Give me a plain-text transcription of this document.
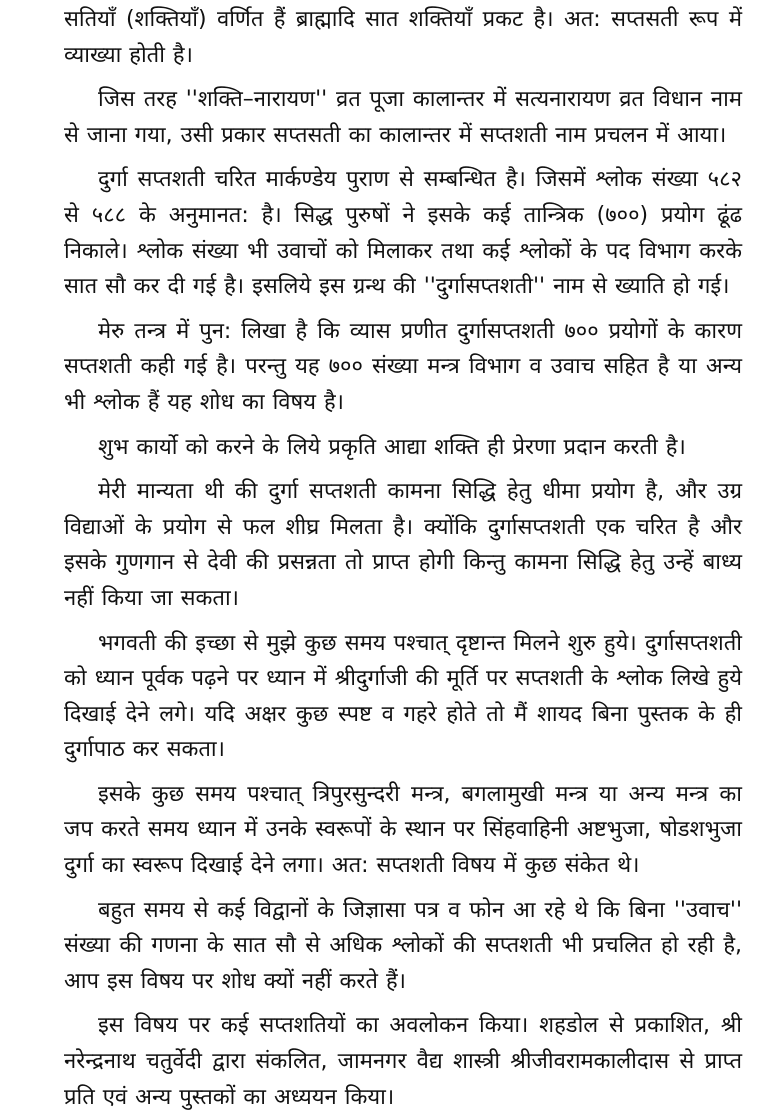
सतियाँ (शक्तियाँ) वर्णित हैं ब्राह्मादि सात शक्तियाँ प्रकट है। अत: सप्तसती रूप में व्याख्या होती है।

जिस तरह ''शक्ति–नारायण'' व्रत पूजा कालान्तर में सत्यनारायण व्रत विधान नाम से जाना गया, उसी प्रकार सप्तसती का कालान्तर में सप्तशती नाम प्रचलन में आया।

दुर्गा सप्तशती चरित मार्कण्डेय पुराण से सम्बन्धित है। जिसमें श्लोक संख्या ५८२ से ५८८ के अनुमानत: है। सिद्ध पुरुषों ने इसके कई तान्त्रिक (७००) प्रयोग ढूंढ निकाले। श्लोक संख्या भी उवाचों को मिलाकर तथा कई श्लोकों के पद विभाग करके सात सौ कर दी गई है। इसलिये इस ग्रन्थ की ''दुर्गासप्तशती'' नाम से ख्याति हो गई।

मेरु तन्त्र में पुन: लिखा है कि व्यास प्रणीत दुर्गासप्तशती ७०० प्रयोगों के कारण सप्तशती कही गई है। परन्तु यह ७०० संख्या मन्त्र विभाग व उवाच सहित है या अन्य भी श्लोक हैं यह शोध का विषय है।

शुभ कार्यो को करने के लिये प्रकृति आद्या शक्ति ही प्रेरणा प्रदान करती है।

मेरी मान्यता थी की दुर्गा सप्तशती कामना सिद्धि हेतु धीमा प्रयोग है, और उग्र विद्याओं के प्रयोग से फल शीघ्र मिलता है। क्योंकि दुर्गासप्तशती एक चरित है और इसके गुणगान से देवी की प्रसन्नता तो प्राप्त होगी किन्तु कामना सिद्धि हेतु उन्हें बाध्य नहीं किया जा सकता।

भगवती की इच्छा से मुझे कुछ समय पश्चात् दृष्टान्त मिलने शुरु हुये। दुर्गासप्तशती को ध्यान पूर्वक पढ़ने पर ध्यान में श्रीदुर्गाजी की मूर्ति पर सप्तशती के श्लोक लिखे हुये दिखाई देने लगे। यदि अक्षर कुछ स्पष्ट व गहरे होते तो मैं शायद बिना पुस्तक के ही दुर्गापाठ कर सकता।

इसके कुछ समय पश्चात् त्रिपुरसुन्दरी मन्त्र, बगलामुखी मन्त्र या अन्य मन्त्र का जप करते समय ध्यान में उनके स्वरूपों के स्थान पर सिंहवाहिनी अष्टभुजा, षोडशभुजा दुर्गा का स्वरूप दिखाई देने लगा। अत: सप्तशती विषय में कुछ संकेत थे।

बहुत समय से कई विद्वानों के जिज्ञासा पत्र व फोन आ रहे थे कि बिना ''उवाच'' संख्या की गणना के सात सौ से अधिक श्लोकों की सप्तशती भी प्रचलित हो रही है, आप इस विषय पर शोध क्यों नहीं करते हैं।

इस विषय पर कई सप्तशतियों का अवलोकन किया। शहडोल से प्रकाशित, श्री नरेन्द्रनाथ चतुर्वेदी द्वारा संकलित, जामनगर वैद्य शास्त्री श्रीजीवरामकालीदास से प्राप्त प्रति एवं अन्य पुस्तकों का अध्ययन किया।
